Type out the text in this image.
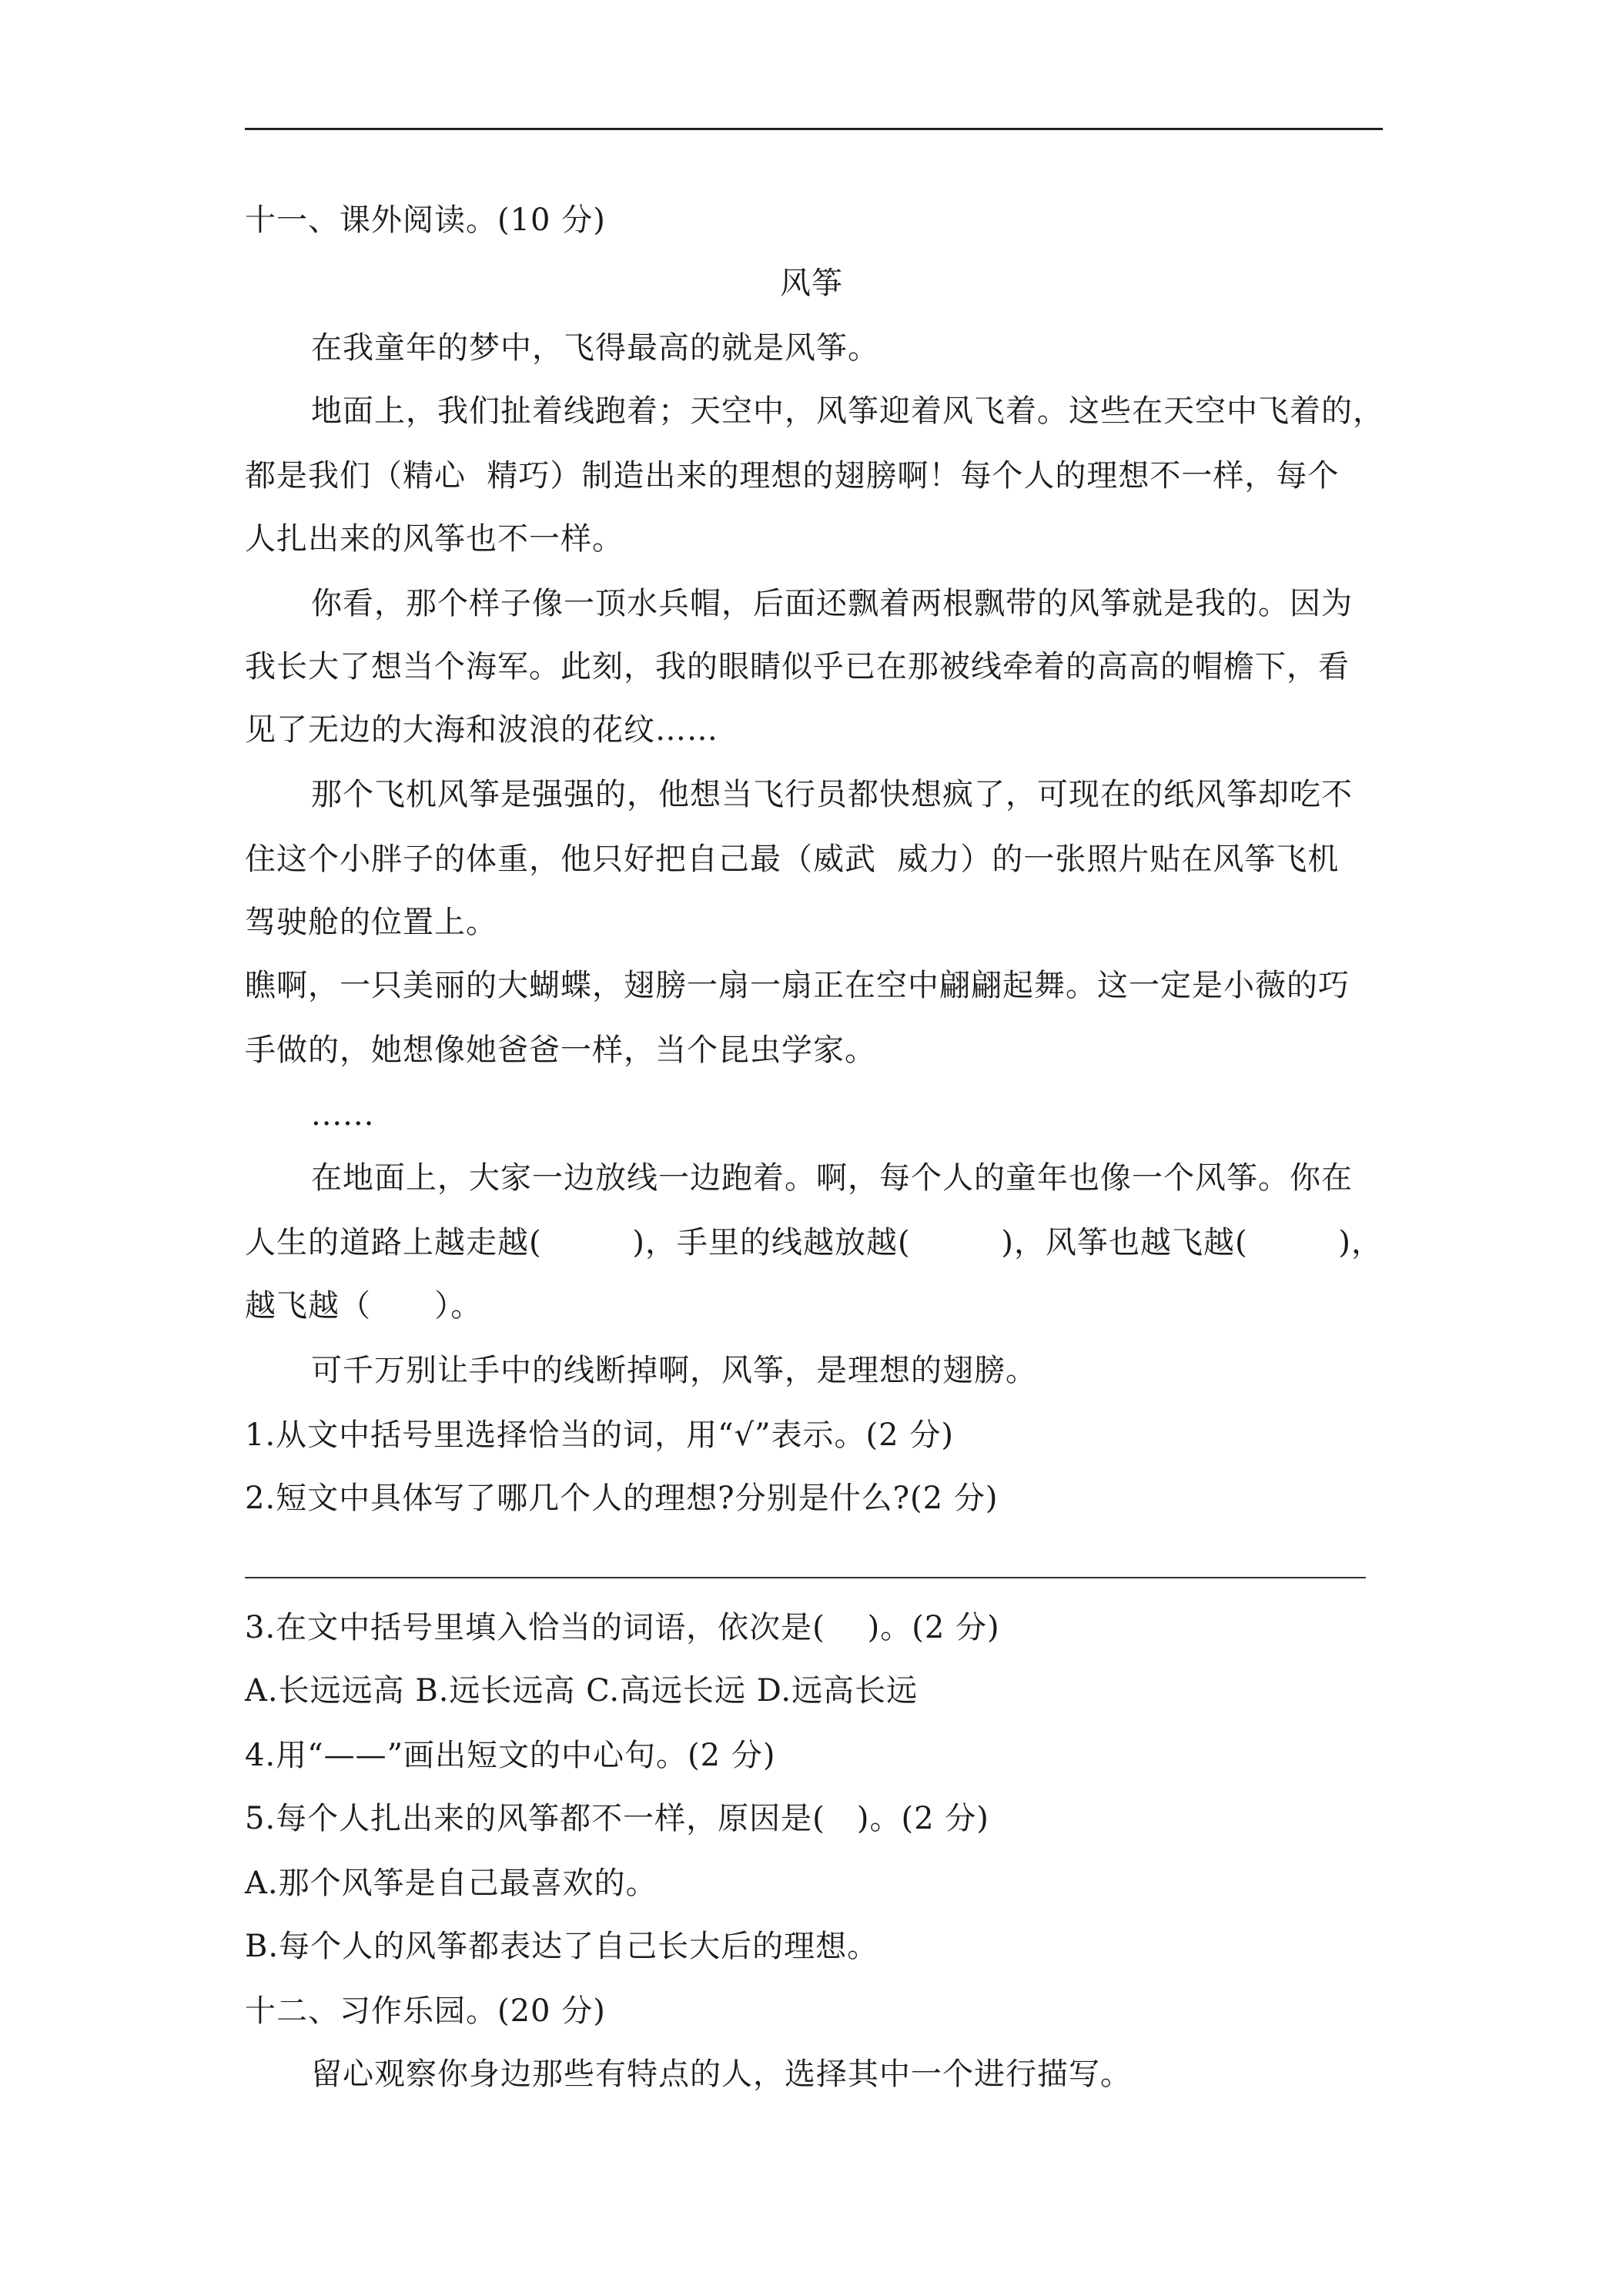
十一、课外阅读。(10 分)
风筝
在我童年的梦中，飞得最高的就是风筝。
地面上，我们扯着线跑着；天空中，风筝迎着风飞着。这些在天空中飞着的，
都是我们（精心  精巧）制造出来的理想的翅膀啊！每个人的理想不一样，每个
人扎出来的风筝也不一样。
你看，那个样子像一顶水兵帽，后面还飘着两根飘带的风筝就是我的。因为
我长大了想当个海军。此刻，我的眼睛似乎已在那被线牵着的高高的帽檐下，看
见了无边的大海和波浪的花纹……
那个飞机风筝是强强的，他想当飞行员都快想疯了，可现在的纸风筝却吃不
住这个小胖子的体重，他只好把自己最（威武  威力）的一张照片贴在风筝飞机
驾驶舱的位置上。
瞧啊，一只美丽的大蝴蝶，翅膀一扇一扇正在空中翩翩起舞。这一定是小薇的巧
手做的，她想像她爸爸一样，当个昆虫学家。
......
在地面上，大家一边放线一边跑着。啊，每个人的童年也像一个风筝。你在
人生的道路上越走越(	)，手里的线越放越(	)，风筝也越飞越(	)，
越飞越（      ）。
可千万别让手中的线断掉啊，风筝，是理想的翅膀。
1.从文中括号里选择恰当的词，用“√”表示。(2 分)
2.短文中具体写了哪几个人的理想?分别是什么?(2 分)
3.在文中括号里填入恰当的词语，依次是(    )。(2 分)
A.长远远高 B.远长远高 C.高远长远 D.远高长远
4.用“——”画出短文的中心句。(2 分)
5.每个人扎出来的风筝都不一样，原因是(   )。(2 分)
A.那个风筝是自己最喜欢的。
B.每个人的风筝都表达了自己长大后的理想。
十二、习作乐园。(20 分)
留心观察你身边那些有特点的人，选择其中一个进行描写。
